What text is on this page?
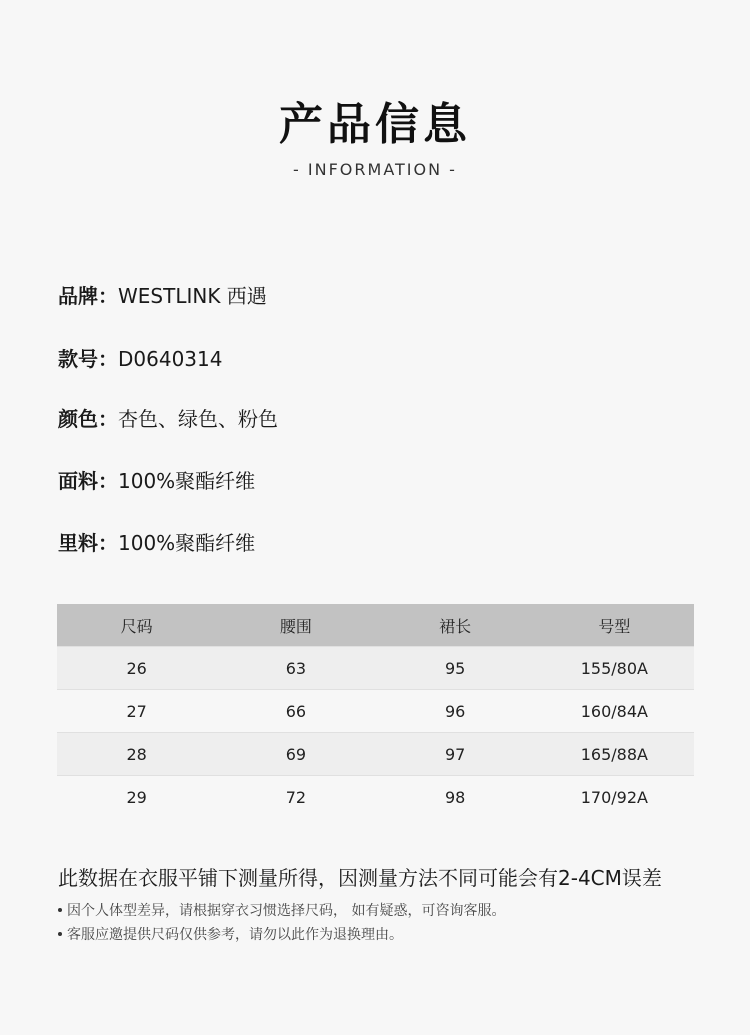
产品信息
- INFORMATION -
品牌：WESTLINK 西遇
款号：D0640314
颜色：杏色、绿色、粉色
面料：100%聚酯纤维
里料：100%聚酯纤维
尺码	腰围	裙长	号型
26	63	95	155/80A
27	66	96	160/84A
28	69	97	165/88A
29	72	98	170/92A
此数据在衣服平铺下测量所得，因测量方法不同可能会有2-4CM误差
因个人体型差异，请根据穿衣习惯选择尺码， 如有疑惑，可咨询客服。
客服应邀提供尺码仅供参考，请勿以此作为退换理由。
